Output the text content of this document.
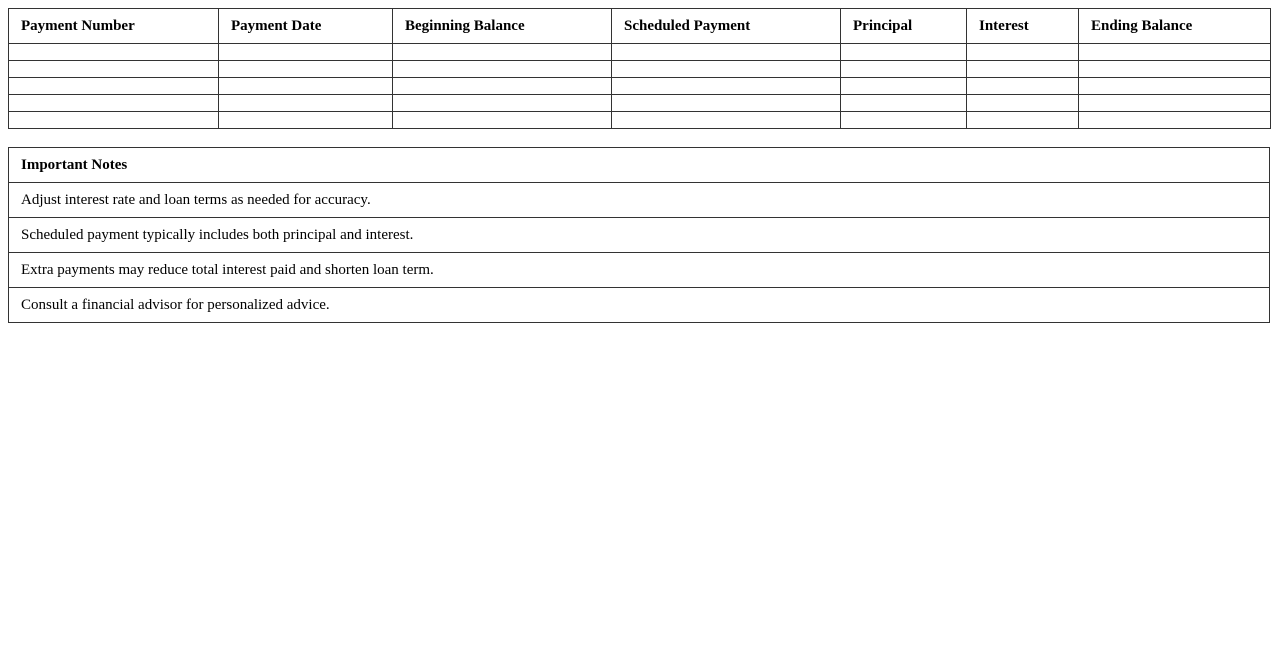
Payment Number	Payment Date	Beginning Balance	Scheduled Payment	Principal	Interest	Ending Balance

Important Notes
Adjust interest rate and loan terms as needed for accuracy.
Scheduled payment typically includes both principal and interest.
Extra payments may reduce total interest paid and shorten loan term.
Consult a financial advisor for personalized advice.
